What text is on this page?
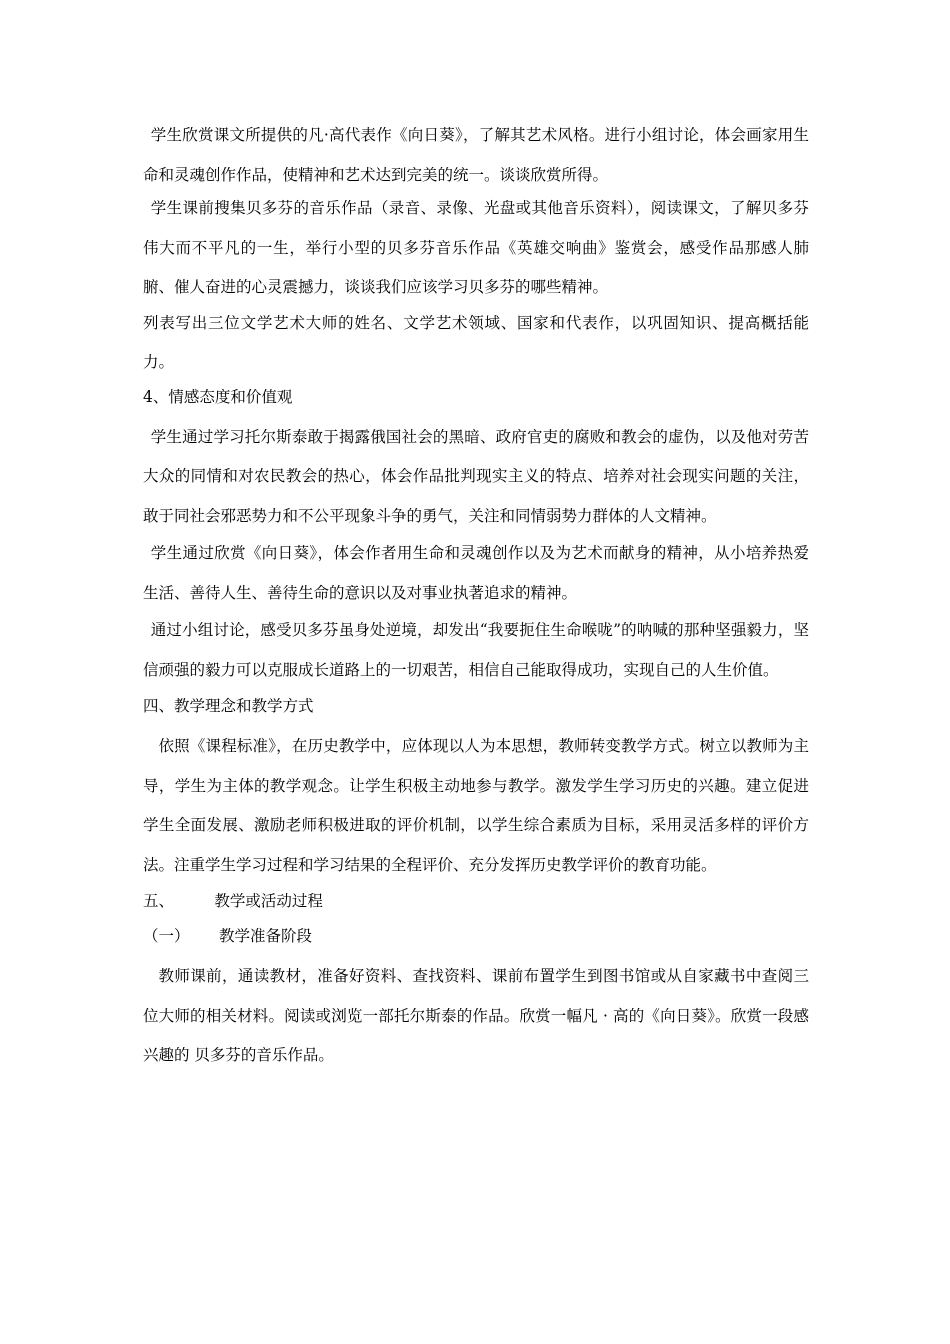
学生欣赏课文所提供的凡·高代表作《向日葵》，了解其艺术风格。进行小组讨论，体会画家用生命和灵魂创作作品，使精神和艺术达到完美的统一。谈谈欣赏所得。

学生课前搜集贝多芬的音乐作品（录音、录像、光盘或其他音乐资料），阅读课文，了解贝多芬伟大而不平凡的一生，举行小型的贝多芬音乐作品《英雄交响曲》鉴赏会，感受作品那感人肺腑、催人奋进的心灵震撼力，谈谈我们应该学习贝多芬的哪些精神。

列表写出三位文学艺术大师的姓名、文学艺术领域、国家和代表作，以巩固知识、提高概括能力。

4、情感态度和价值观

学生通过学习托尔斯泰敢于揭露俄国社会的黑暗、政府官吏的腐败和教会的虚伪，以及他对劳苦大众的同情和对农民教会的热心，体会作品批判现实主义的特点、培养对社会现实问题的关注，敢于同社会邪恶势力和不公平现象斗争的勇气，关注和同情弱势力群体的人文精神。

学生通过欣赏《向日葵》，体会作者用生命和灵魂创作以及为艺术而献身的精神，从小培养热爱生活、善待人生、善待生命的意识以及对事业执著追求的精神。

通过小组讨论，感受贝多芬虽身处逆境，却发出“我要扼住生命喉咙”的呐喊的那种坚强毅力，坚信顽强的毅力可以克服成长道路上的一切艰苦，相信自己能取得成功，实现自己的人生价值。

四、教学理念和教学方式

依照《课程标准》，在历史教学中，应体现以人为本思想，教师转变教学方式。树立以教师为主导，学生为主体的教学观念。让学生积极主动地参与教学。激发学生学习历史的兴趣。建立促进学生全面发展、激励老师积极进取的评价机制，以学生综合素质为目标，采用灵活多样的评价方法。注重学生学习过程和学习结果的全程评价、充分发挥历史教学评价的教育功能。

五、	教学或活动过程

（一） 教学准备阶段

教师课前，通读教材，准备好资料、查找资料、课前布置学生到图书馆或从自家藏书中查阅三位大师的相关材料。阅读或浏览一部托尔斯泰的作品。欣赏一幅凡 · 高的《向日葵》。欣赏一段感兴趣的 贝多芬的音乐作品。
